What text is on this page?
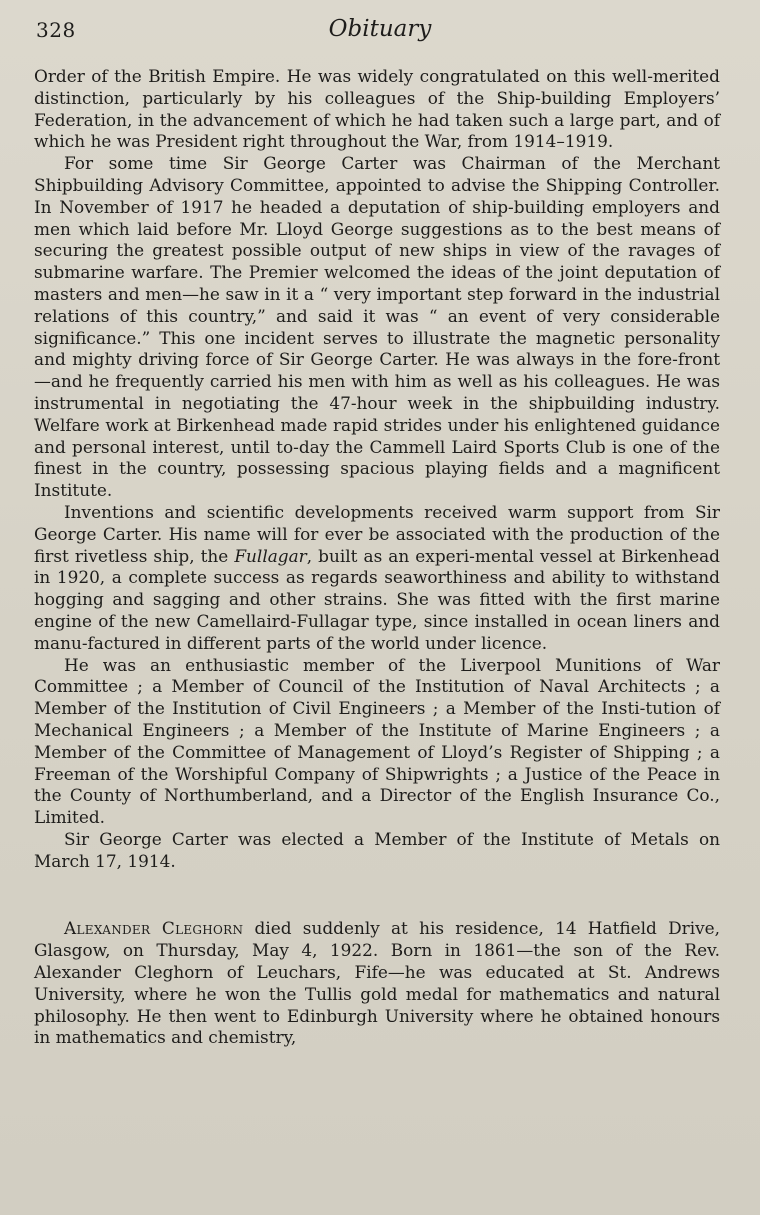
328	Obituary

Order of the British Empire. He was widely congratulated on this well-merited distinction, particularly by his colleagues of the Ship-building Employers’ Federation, in the advancement of which he had taken such a large part, and of which he was President right throughout the War, from 1914–1919.

For some time Sir George Carter was Chairman of the Merchant Shipbuilding Advisory Committee, appointed to advise the Shipping Controller. In November of 1917 he headed a deputation of ship-building employers and men which laid before Mr. Lloyd George suggestions as to the best means of securing the greatest possible output of new ships in view of the ravages of submarine warfare. The Premier welcomed the ideas of the joint deputation of masters and men—he saw in it a “ very important step forward in the industrial relations of this country,” and said it was “ an event of very considerable significance.” This one incident serves to illustrate the magnetic personality and mighty driving force of Sir George Carter. He was always in the fore-front—and he frequently carried his men with him as well as his colleagues. He was instrumental in negotiating the 47-hour week in the shipbuilding industry. Welfare work at Birkenhead made rapid strides under his enlightened guidance and personal interest, until to-day the Cammell Laird Sports Club is one of the finest in the country, possessing spacious playing fields and a magnificent Institute.

Inventions and scientific developments received warm support from Sir George Carter. His name will for ever be associated with the production of the first rivetless ship, the Fullagar, built as an experi-mental vessel at Birkenhead in 1920, a complete success as regards seaworthiness and ability to withstand hogging and sagging and other strains. She was fitted with the first marine engine of the new Camellaird-Fullagar type, since installed in ocean liners and manu-factured in different parts of the world under licence.

He was an enthusiastic member of the Liverpool Munitions of War Committee ; a Member of Council of the Institution of Naval Architects ; a Member of the Institution of Civil Engineers ; a Member of the Insti-tution of Mechanical Engineers ; a Member of the Institute of Marine Engineers ; a Member of the Committee of Management of Lloyd’s Register of Shipping ; a Freeman of the Worshipful Company of Shipwrights ; a Justice of the Peace in the County of Northumberland, and a Director of the English Insurance Co., Limited.

Sir George Carter was elected a Member of the Institute of Metals on March 17, 1914.

Alexander Cleghorn died suddenly at his residence, 14 Hatfield Drive, Glasgow, on Thursday, May 4, 1922. Born in 1861—the son of the Rev. Alexander Cleghorn of Leuchars, Fife—he was educated at St. Andrews University, where he won the Tullis gold medal for mathematics and natural philosophy. He then went to Edinburgh University where he obtained honours in mathematics and chemistry,
